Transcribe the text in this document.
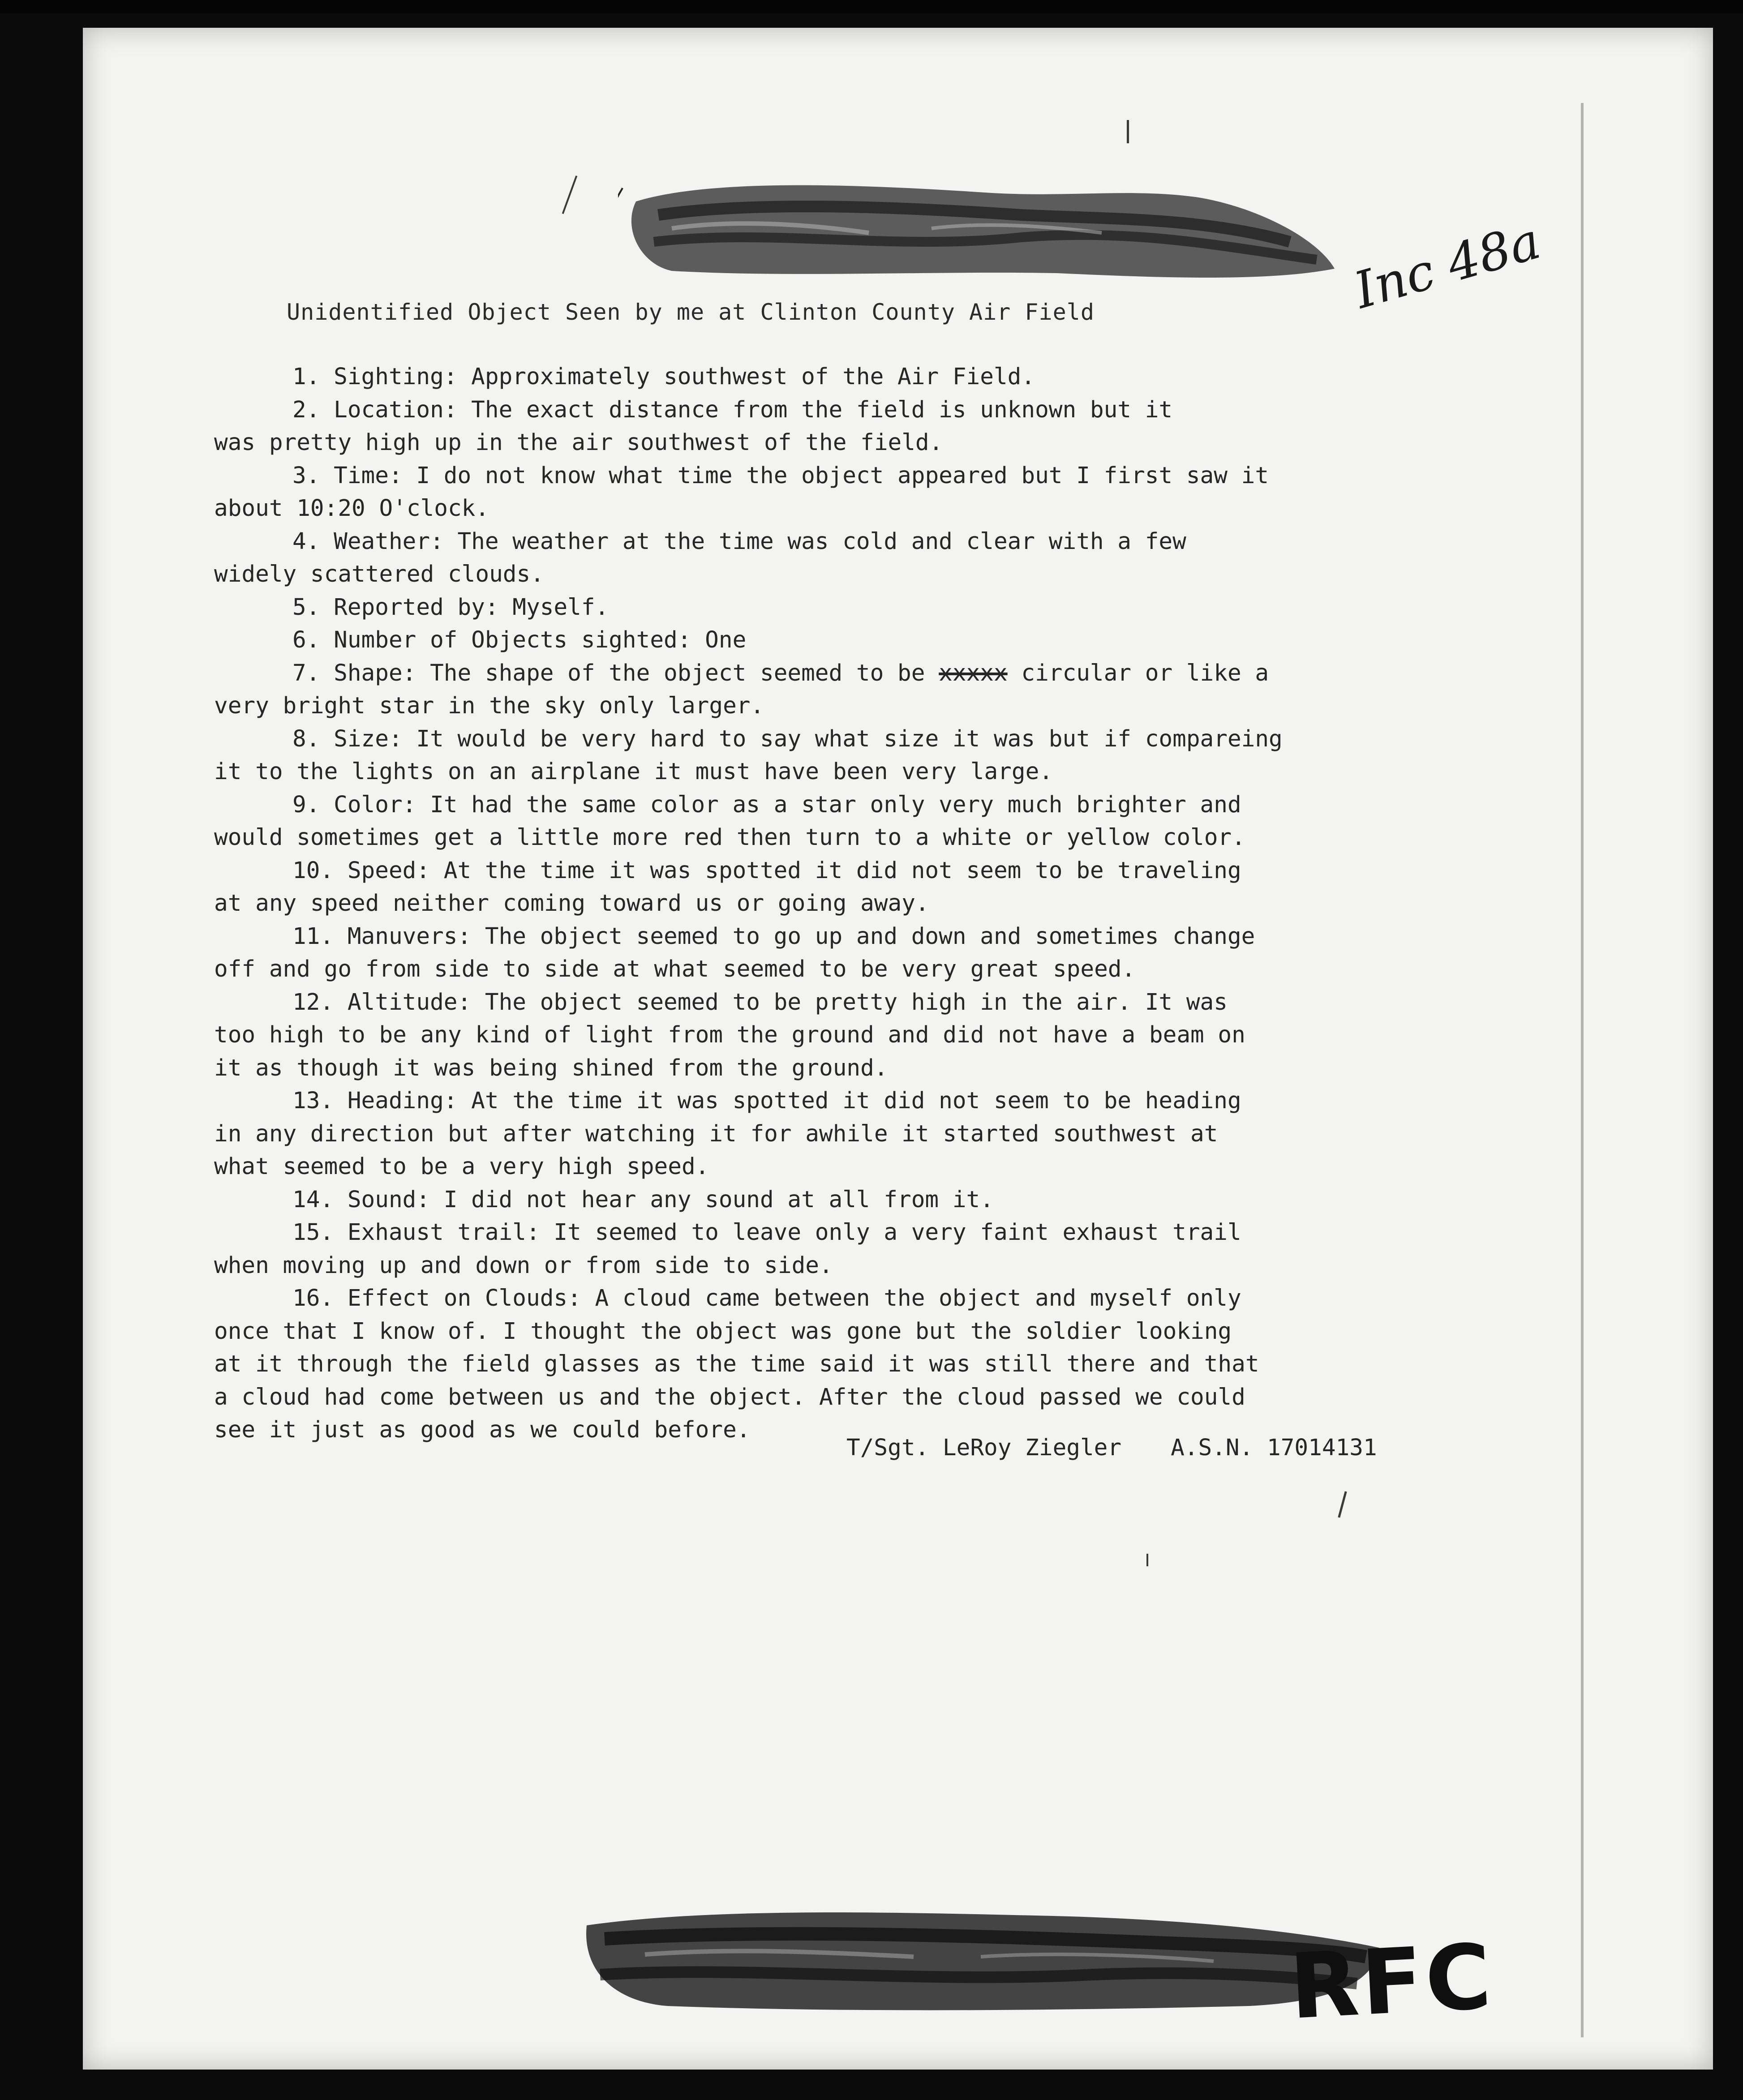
Unidentified Object Seen by me at Clinton County Air Field	Inc 48a
1. Sighting: Approximately southwest of the Air Field.
2. Location: The exact distance from the field is unknown but it
was pretty high up in the air southwest of the field.
3. Time: I do not know what time the object appeared but I first saw it
about 10:20 O'clock.
4. Weather: The weather at the time was cold and clear with a few
widely scattered clouds.
5. Reported by: Myself.
6. Number of Objects sighted: One
7. Shape: The shape of the object seemed to be xxxxx circular or like a
very bright star in the sky only larger.
8. Size: It would be very hard to say what size it was but if compareing
it to the lights on an airplane it must have been very large.
9. Color: It had the same color as a star only very much brighter and
would sometimes get a little more red then turn to a white or yellow color.
10. Speed: At the time it was spotted it did not seem to be traveling
at any speed neither coming toward us or going away.
11. Manuvers: The object seemed to go up and down and sometimes change
off and go from side to side at what seemed to be very great speed.
12. Altitude: The object seemed to be pretty high in the air. It was
too high to be any kind of light from the ground and did not have a beam on
it as though it was being shined from the ground.
13. Heading: At the time it was spotted it did not seem to be heading
in any direction but after watching it for awhile it started southwest at
what seemed to be a very high speed.
14. Sound: I did not hear any sound at all from it.
15. Exhaust trail: It seemed to leave only a very faint exhaust trail
when moving up and down or from side to side.
16. Effect on Clouds: A cloud came between the object and myself only
once that I know of. I thought the object was gone but the soldier looking
at it through the field glasses as the time said it was still there and that
a cloud had come between us and the object. After the cloud passed we could
see it just as good as we could before.
T/Sgt. LeRoy Ziegler A.S.N. 17014131
RFC
